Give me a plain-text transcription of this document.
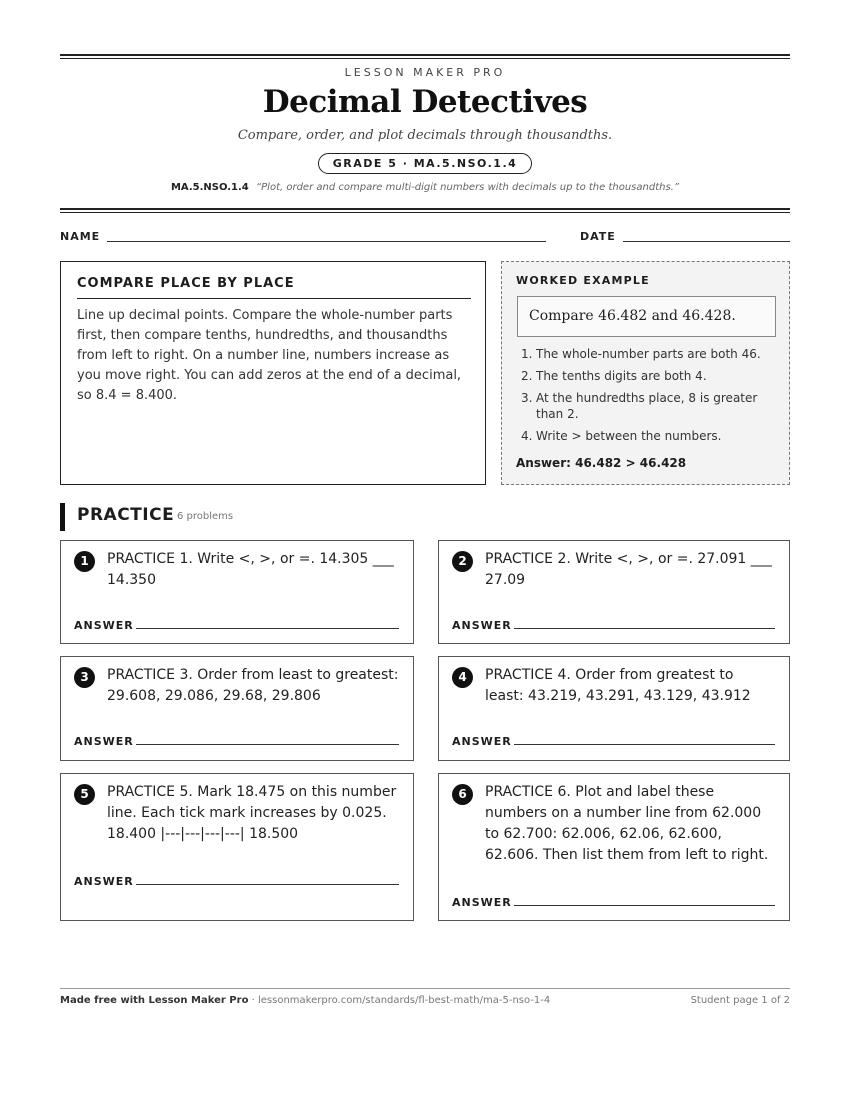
LESSON MAKER PRO
Decimal Detectives
Compare, order, and plot decimals through thousandths.
GRADE 5 · MA.5.NSO.1.4
MA.5.NSO.1.4 “Plot, order and compare multi-digit numbers with decimals up to the thousandths.”
NAME	DATE
COMPARE PLACE BY PLACE
Line up decimal points. Compare the whole-number parts first, then compare tenths, hundredths, and thousandths from left to right. On a number line, numbers increase as you move right. You can add zeros at the end of a decimal, so 8.4 = 8.400.
WORKED EXAMPLE
Compare 46.482 and 46.428.
1. The whole-number parts are both 46.
2. The tenths digits are both 4.
3. At the hundredths place, 8 is greater than 2.
4. Write > between the numbers.
Answer: 46.482 > 46.428
PRACTICE 6 problems
1	PRACTICE 1. Write <, >, or =. 14.305 ___ 14.350
ANSWER
2	PRACTICE 2. Write <, >, or =. 27.091 ___ 27.09
ANSWER
3	PRACTICE 3. Order from least to greatest: 29.608, 29.086, 29.68, 29.806
ANSWER
4	PRACTICE 4. Order from greatest to least: 43.219, 43.291, 43.129, 43.912
ANSWER
5	PRACTICE 5. Mark 18.475 on this number line. Each tick mark increases by 0.025. 18.400 |---|---|---|---| 18.500
ANSWER
6	PRACTICE 6. Plot and label these numbers on a number line from 62.000 to 62.700: 62.006, 62.06, 62.600, 62.606. Then list them from left to right.
ANSWER
Made free with Lesson Maker Pro · lessonmakerpro.com/standards/fl-best-math/ma-5-nso-1-4	Student page 1 of 2
